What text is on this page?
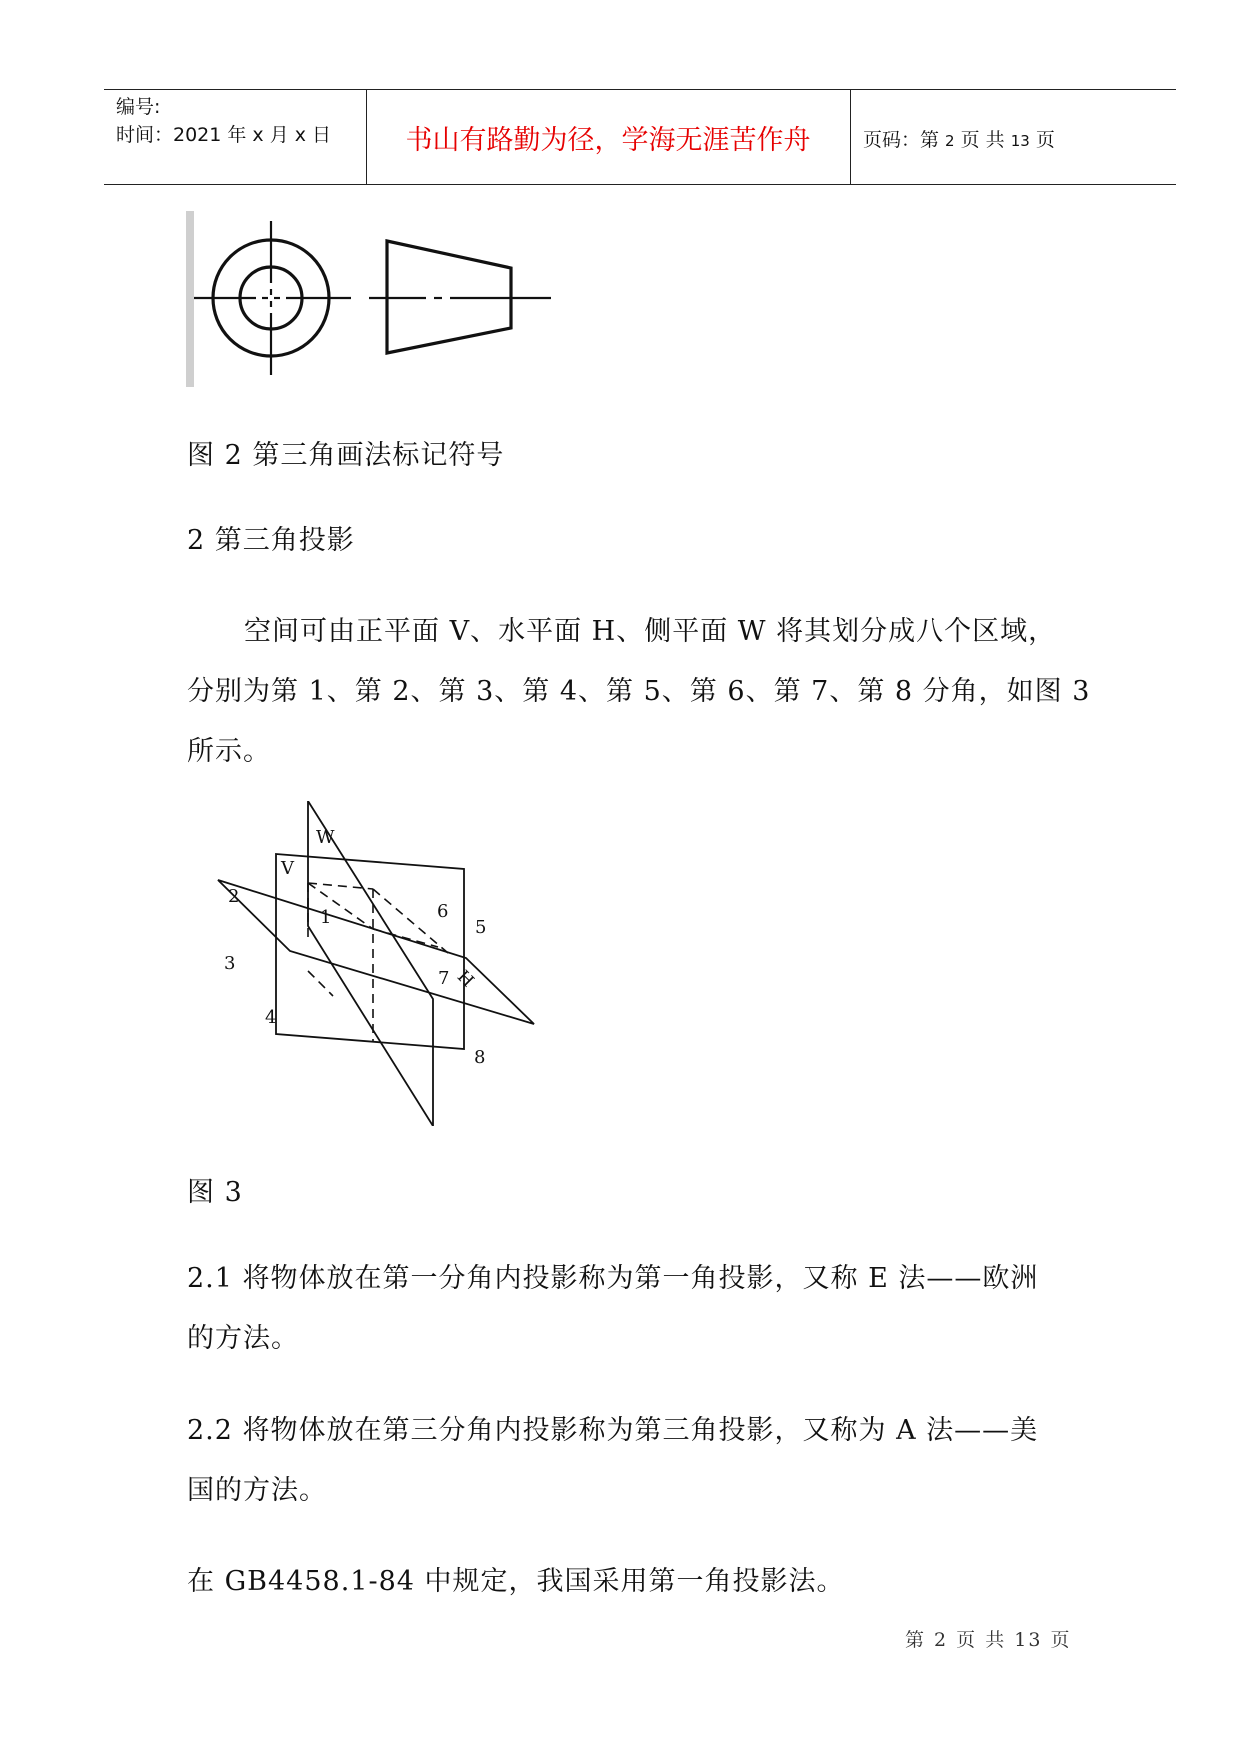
编号:
时间：2021 年 x 月 x 日	书山有路勤为径，学海无涯苦作舟	页码：第 2 页 共 13 页
图 2 第三角画法标记符号
2 第三角投影
空间可由正平面 V、水平面 H、侧平面 W 将其划分成八个区域，
分别为第 1、第 2、第 3、第 4、第 5、第 6、第 7、第 8 分角，如图 3
所示。
W
V
H
1
2
3
4
5
6
7
8
图 3
2.1 将物体放在第一分角内投影称为第一角投影，又称 E 法——欧洲
的方法。
2.2 将物体放在第三分角内投影称为第三角投影，又称为 A 法——美
国的方法。
在 GB4458.1-84 中规定，我国采用第一角投影法。
第 2 页 共 13 页
